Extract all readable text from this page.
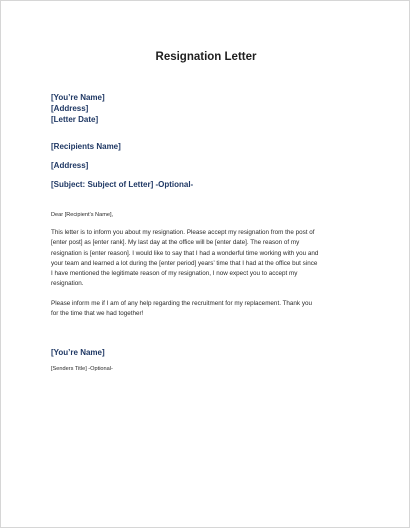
Resignation Letter
[You’re Name]
[Address]
[Letter Date]
[Recipients Name]
[Address]
[Subject: Subject of Letter] -Optional-
Dear [Recipient’s Name],
This letter is to inform you about my resignation. Please accept my resignation from the post of
[enter post] as [enter rank]. My last day at the office will be [enter date]. The reason of my
resignation is [enter reason]. I would like to say that I had a wonderful time working with you and
your team and learned a lot during the [enter period] years’ time that I had at the office but since
I have mentioned the legitimate reason of my resignation, I now expect you to accept my
resignation.
Please inform me if I am of any help regarding the recruitment for my replacement. Thank you
for the time that we had together!
[You’re Name]
[Senders Title] -Optional-
